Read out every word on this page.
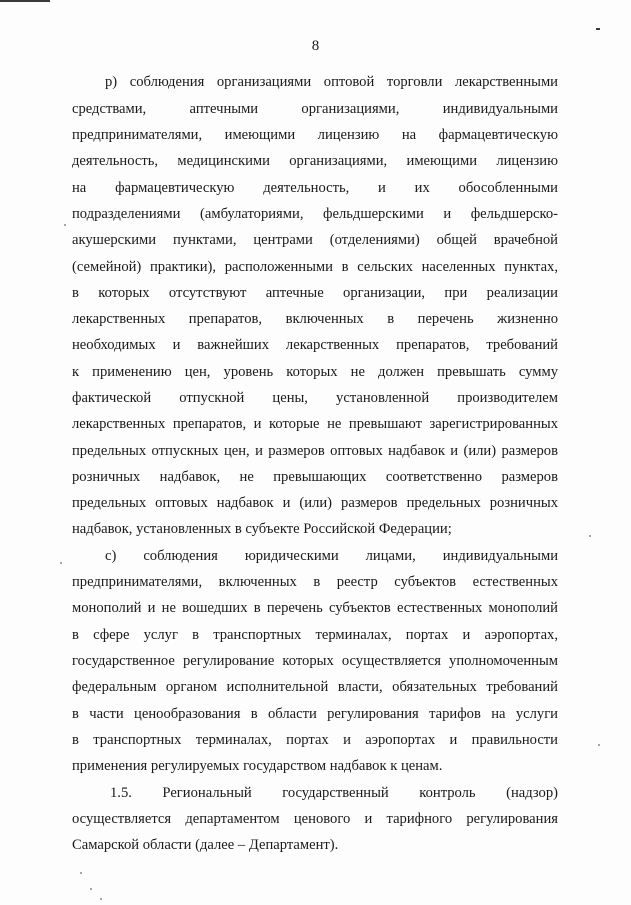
8
р) соблюдения организациями оптовой торговли лекарственными
средствами, аптечными организациями, индивидуальными
предпринимателями, имеющими лицензию на фармацевтическую
деятельность, медицинскими организациями, имеющими лицензию
на фармацевтическую деятельность, и их обособленными
подразделениями (амбулаториями, фельдшерскими и фельдшерско-
акушерскими пунктами, центрами (отделениями) общей врачебной
(семейной) практики), расположенными в сельских населенных пунктах,
в которых отсутствуют аптечные организации, при реализации
лекарственных препаратов, включенных в перечень жизненно
необходимых и важнейших лекарственных препаратов, требований
к применению цен, уровень которых не должен превышать сумму
фактической отпускной цены, установленной производителем
лекарственных препаратов, и которые не превышают зарегистрированных
предельных отпускных цен, и размеров оптовых надбавок и (или) размеров
розничных надбавок, не превышающих соответственно размеров
предельных оптовых надбавок и (или) размеров предельных розничных
надбавок, установленных в субъекте Российской Федерации;
с) соблюдения юридическими лицами, индивидуальными
предпринимателями, включенных в реестр субъектов естественных
монополий и не вошедших в перечень субъектов естественных монополий
в сфере услуг в транспортных терминалах, портах и аэропортах,
государственное регулирование которых осуществляется уполномоченным
федеральным органом исполнительной власти, обязательных требований
в части ценообразования в области регулирования тарифов на услуги
в транспортных терминалах, портах и аэропортах и правильности
применения регулируемых государством надбавок к ценам.
1.5. Региональный государственный контроль (надзор)
осуществляется департаментом ценового и тарифного регулирования
Самарской области (далее – Департамент).
